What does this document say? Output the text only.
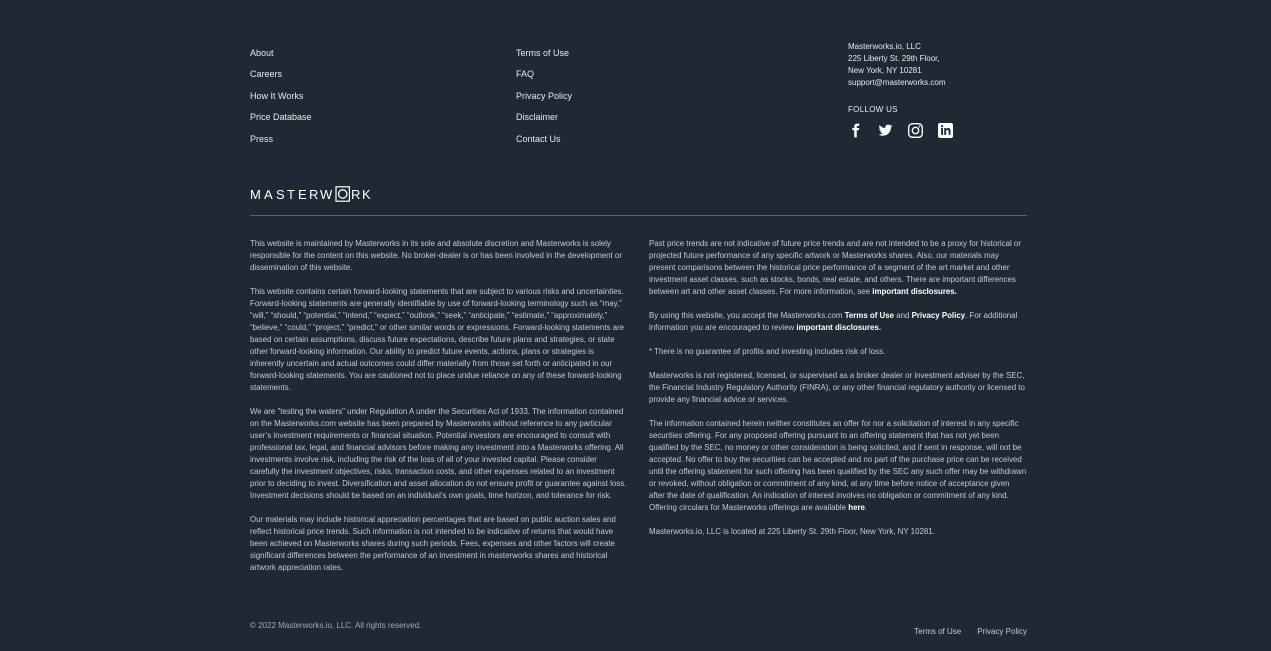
About
Careers
How It Works
Price Database
Press
Terms of Use
FAQ
Privacy Policy
Disclaimer
Contact Us
Masterworks.io, LLC
225 Liberty St. 29th Floor,
New York, NY 10281
support@masterworks.com
FOLLOW US
M A S T E R W R K

This website is maintained by Masterworks in its sole and absolute discretion and Masterworks is solely responsible for the content on this website. No broker-dealer is or has been involved in the development or dissemination of this website.

This website contains certain forward-looking statements that are subject to various risks and uncertainties. Forward-looking statements are generally identifiable by use of forward-looking terminology such as “may,” “will,” “should,” “potential,” “intend,” “expect,” “outlook,” “seek,” “anticipate,” “estimate,” “approximately,” “believe,” “could,” “project,” “predict,” or other similar words or expressions. Forward-looking statements are based on certain assumptions, discuss future expectations, describe future plans and strategies, or state other forward-looking information. Our ability to predict future events, actions, plans or strategies is inherently uncertain and actual outcomes could differ materially from those set forth or anticipated in our forward-looking statements. You are cautioned not to place undue reliance on any of these forward-looking statements.

We are "testing the waters" under Regulation A under the Securities Act of 1933. The information contained on the Masterworks.com website has been prepared by Masterworks without reference to any particular user’s investment requirements or financial situation. Potential investors are encouraged to consult with professional tax, legal, and financial advisors before making any investment into a Masterworks offering. All investments involve risk, including the risk of the loss of all of your invested capital. Please consider carefully the investment objectives, risks, transaction costs, and other expenses related to an investment prior to deciding to invest. Diversification and asset allocation do not ensure profit or guarantee against loss. Investment decisions should be based on an individual’s own goals, time horizon, and tolerance for risk.

Our materials may include historical appreciation percentages that are based on public auction sales and reflect historical price trends. Such information is not intended to be indicative of returns that would have been achieved on Masterworks shares during such periods. Fees, expenses and other factors will create significant differences between the performance of an investment in masterworks shares and historical artwork appreciation rates.

Past price trends are not indicative of future price trends and are not intended to be a proxy for historical or projected future performance of any specific artwork or Masterworks shares. Also, our materials may present comparisons between the historical price performance of a segment of the art market and other investment asset classes, such as stocks, bonds, real estate, and others. There are important differences between art and other asset classes. For more information, see important disclosures.

By using this website, you accept the Masterworks.com Terms of Use and Privacy Policy. For additional information you are encouraged to review important disclosures.

* There is no guarantee of profits and investing includes risk of loss.

Masterworks is not registered, licensed, or supervised as a broker dealer or investment adviser by the SEC, the Financial Industry Regulatory Authority (FINRA), or any other financial regulatory authority or licensed to provide any financial advice or services.

The information contained herein neither constitutes an offer for nor a solicitation of interest in any specific securities offering. For any proposed offering pursuant to an offering statement that has not yet been qualified by the SEC, no money or other consideration is being solicited, and if sent in response, will not be accepted. No offer to buy the securities can be accepted and no part of the purchase price can be received until the offering statement for such offering has been qualified by the SEC any such offer may be withdrawn or revoked, without obligation or commitment of any kind, at any time before notice of acceptance given after the date of qualification. An indication of interest involves no obligation or commitment of any kind. Offering circulars for Masterworks offerings are available here.

Masterworks.io, LLC is located at 225 Liberty St. 29th Floor, New York, NY 10281.

© 2022 Masterworks.io, LLC. All rights reserved.
Terms of Use Privacy Policy
